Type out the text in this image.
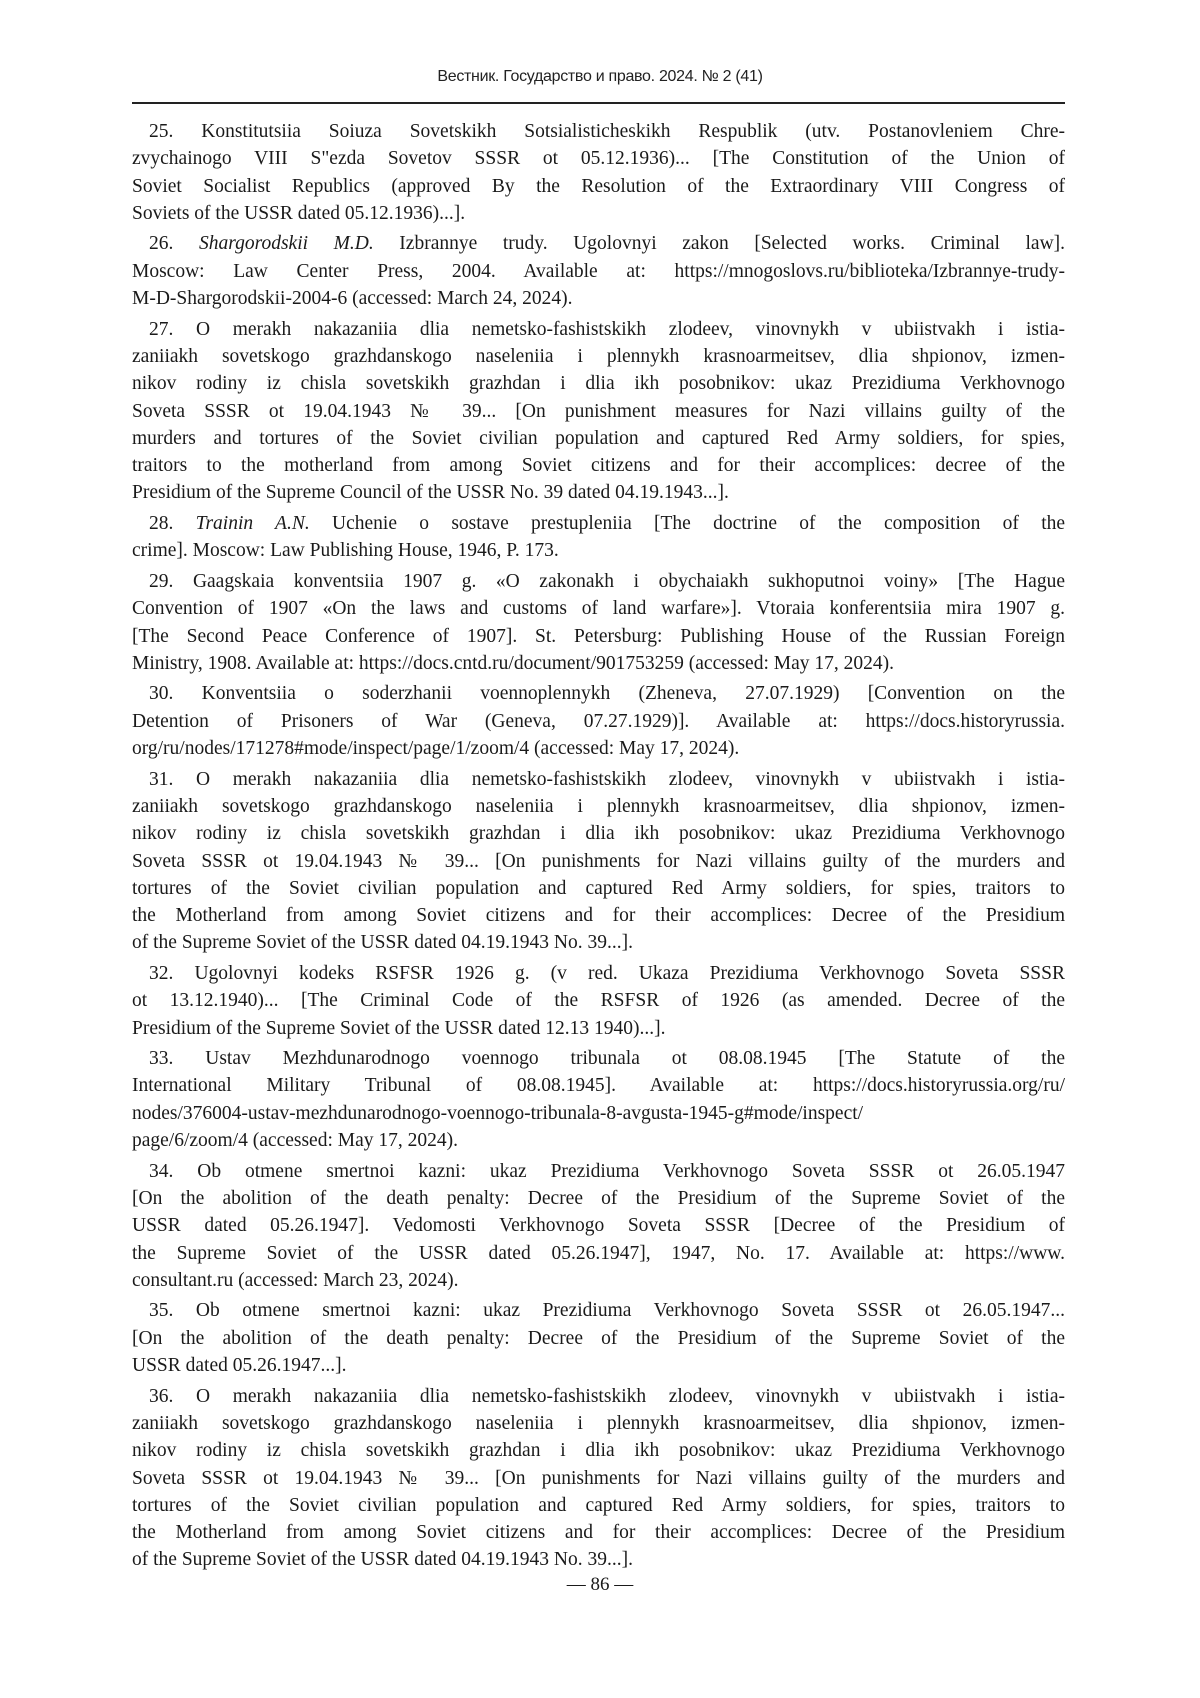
Вестник. Государство и право. 2024. № 2 (41)
25. Konstitutsiia Soiuza Sovetskikh Sotsialisticheskikh Respublik (utv. Postanovleniem Chre-
zvychainogo VIII S"ezda Sovetov SSSR ot 05.12.1936)... [The Constitution of the Union of
Soviet Socialist Republics (approved By the Resolution of the Extraordinary VIII Congress of
Soviets of the USSR dated 05.12.1936)...].
26. Shargorodskii M.D. Izbrannye trudy. Ugolovnyi zakon [Selected works. Criminal law].
Moscow: Law Center Press, 2004. Available at: https://mnogoslovs.ru/biblioteka/Izbrannye-trudy-
M-D-Shargorodskii-2004-6 (accessed: March 24, 2024).
27. O merakh nakazaniia dlia nemetsko-fashistskikh zlodeev, vinovnykh v ubiistvakh i istia-
zaniiakh sovetskogo grazhdanskogo naseleniia i plennykh krasnoarmeitsev, dlia shpionov, izmen-
nikov rodiny iz chisla sovetskikh grazhdan i dlia ikh posobnikov: ukaz Prezidiuma Verkhovnogo
Soveta SSSR ot 19.04.1943 № 39... [On punishment measures for Nazi villains guilty of the
murders and tortures of the Soviet civilian population and captured Red Army soldiers, for spies,
traitors to the motherland from among Soviet citizens and for their accomplices: decree of the
Presidium of the Supreme Council of the USSR No. 39 dated 04.19.1943...].
28. Trainin A.N. Uchenie o sostave prestupleniia [The doctrine of the composition of the
crime]. Moscow: Law Publishing House, 1946, P. 173.
29. Gaagskaia konventsiia 1907 g. «O zakonakh i obychaiakh sukhoputnoi voiny» [The Hague
Convention of 1907 «On the laws and customs of land warfare»]. Vtoraia konferentsiia mira 1907 g.
[The Second Peace Conference of 1907]. St. Petersburg: Publishing House of the Russian Foreign
Ministry, 1908. Available at: https://docs.cntd.ru/document/901753259 (accessed: May 17, 2024).
30. Konventsiia o soderzhanii voennoplennykh (Zheneva, 27.07.1929) [Convention on the
Detention of Prisoners of War (Geneva, 07.27.1929)]. Available at: https://docs.historyrussia.
org/ru/nodes/171278#mode/inspect/page/1/zoom/4 (accessed: May 17, 2024).
31. O merakh nakazaniia dlia nemetsko-fashistskikh zlodeev, vinovnykh v ubiistvakh i istia-
zaniiakh sovetskogo grazhdanskogo naseleniia i plennykh krasnoarmeitsev, dlia shpionov, izmen-
nikov rodiny iz chisla sovetskikh grazhdan i dlia ikh posobnikov: ukaz Prezidiuma Verkhovnogo
Soveta SSSR ot 19.04.1943 № 39... [On punishments for Nazi villains guilty of the murders and
tortures of the Soviet civilian population and captured Red Army soldiers, for spies, traitors to
the Motherland from among Soviet citizens and for their accomplices: Decree of the Presidium
of the Supreme Soviet of the USSR dated 04.19.1943 No. 39...].
32. Ugolovnyi kodeks RSFSR 1926 g. (v red. Ukaza Prezidiuma Verkhovnogo Soveta SSSR
ot 13.12.1940)... [The Criminal Code of the RSFSR of 1926 (as amended. Decree of the
Presidium of the Supreme Soviet of the USSR dated 12.13 1940)...].
33. Ustav Mezhdunarodnogo voennogo tribunala ot 08.08.1945 [The Statute of the
International Military Tribunal of 08.08.1945]. Available at: https://docs.historyrussia.org/ru/
nodes/376004-ustav-mezhdunarodnogo-voennogo-tribunala-8-avgusta-1945-g#mode/inspect/
page/6/zoom/4 (accessed: May 17, 2024).
34. Ob otmene smertnoi kazni: ukaz Prezidiuma Verkhovnogo Soveta SSSR ot 26.05.1947
[On the abolition of the death penalty: Decree of the Presidium of the Supreme Soviet of the
USSR dated 05.26.1947]. Vedomosti Verkhovnogo Soveta SSSR [Decree of the Presidium of
the Supreme Soviet of the USSR dated 05.26.1947], 1947, No. 17. Available at: https://www.
consultant.ru (accessed: March 23, 2024).
35. Ob otmene smertnoi kazni: ukaz Prezidiuma Verkhovnogo Soveta SSSR ot 26.05.1947...
[On the abolition of the death penalty: Decree of the Presidium of the Supreme Soviet of the
USSR dated 05.26.1947...].
36. O merakh nakazaniia dlia nemetsko-fashistskikh zlodeev, vinovnykh v ubiistvakh i istia-
zaniiakh sovetskogo grazhdanskogo naseleniia i plennykh krasnoarmeitsev, dlia shpionov, izmen-
nikov rodiny iz chisla sovetskikh grazhdan i dlia ikh posobnikov: ukaz Prezidiuma Verkhovnogo
Soveta SSSR ot 19.04.1943 № 39... [On punishments for Nazi villains guilty of the murders and
tortures of the Soviet civilian population and captured Red Army soldiers, for spies, traitors to
the Motherland from among Soviet citizens and for their accomplices: Decree of the Presidium
of the Supreme Soviet of the USSR dated 04.19.1943 No. 39...].
— 86 —
